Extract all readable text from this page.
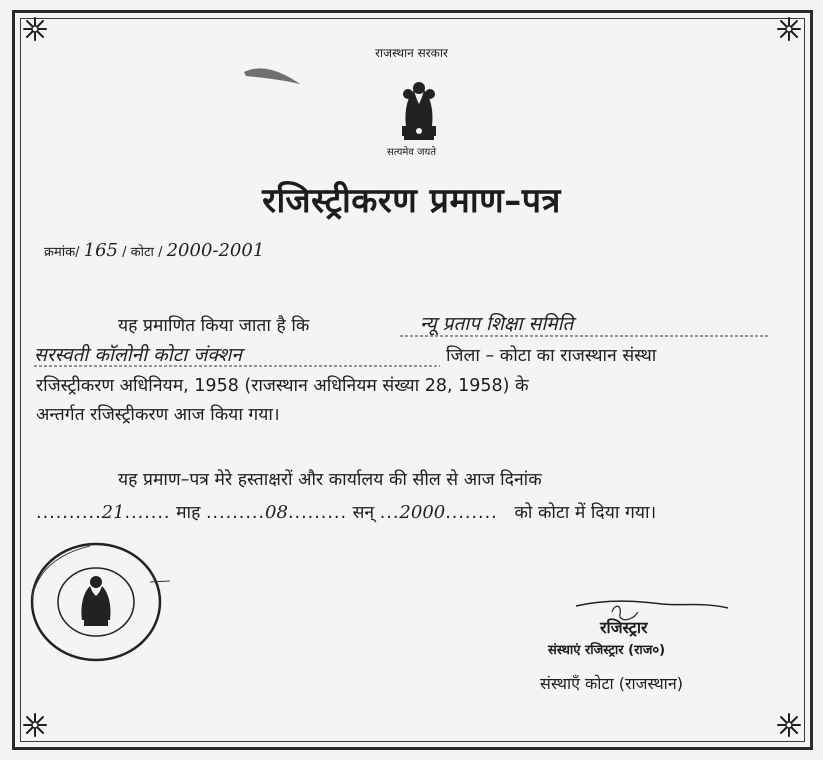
राजस्थान सरकार
सत्यमेव जयते
रजिस्ट्रीकरण प्रमाण–पत्र
क्रमांक/ 165 / कोटा / 2000-2001
यह प्रमाणित किया जाता है कि	न्यू प्रताप शिक्षा समिति
सरस्वती कॉलोनी कोटा जंक्शन	जिला – कोटा का राजस्थान संस्था
रजिस्ट्रीकरण अधिनियम, 1958 (राजस्थान अधिनियम संख्या 28, 1958) के
अन्तर्गत रजिस्ट्रीकरण आज किया गया।
यह प्रमाण–पत्र मेरे हस्ताक्षरों और कार्यालय की सील से आज दिनांक
..........21....... माह .........08......... सन् ...2000........ को कोटा में दिया गया।
रजिस्ट्रार
संस्थाएं रजिस्ट्रार (राज०)
संस्थाएँ कोटा (राजस्थान)
